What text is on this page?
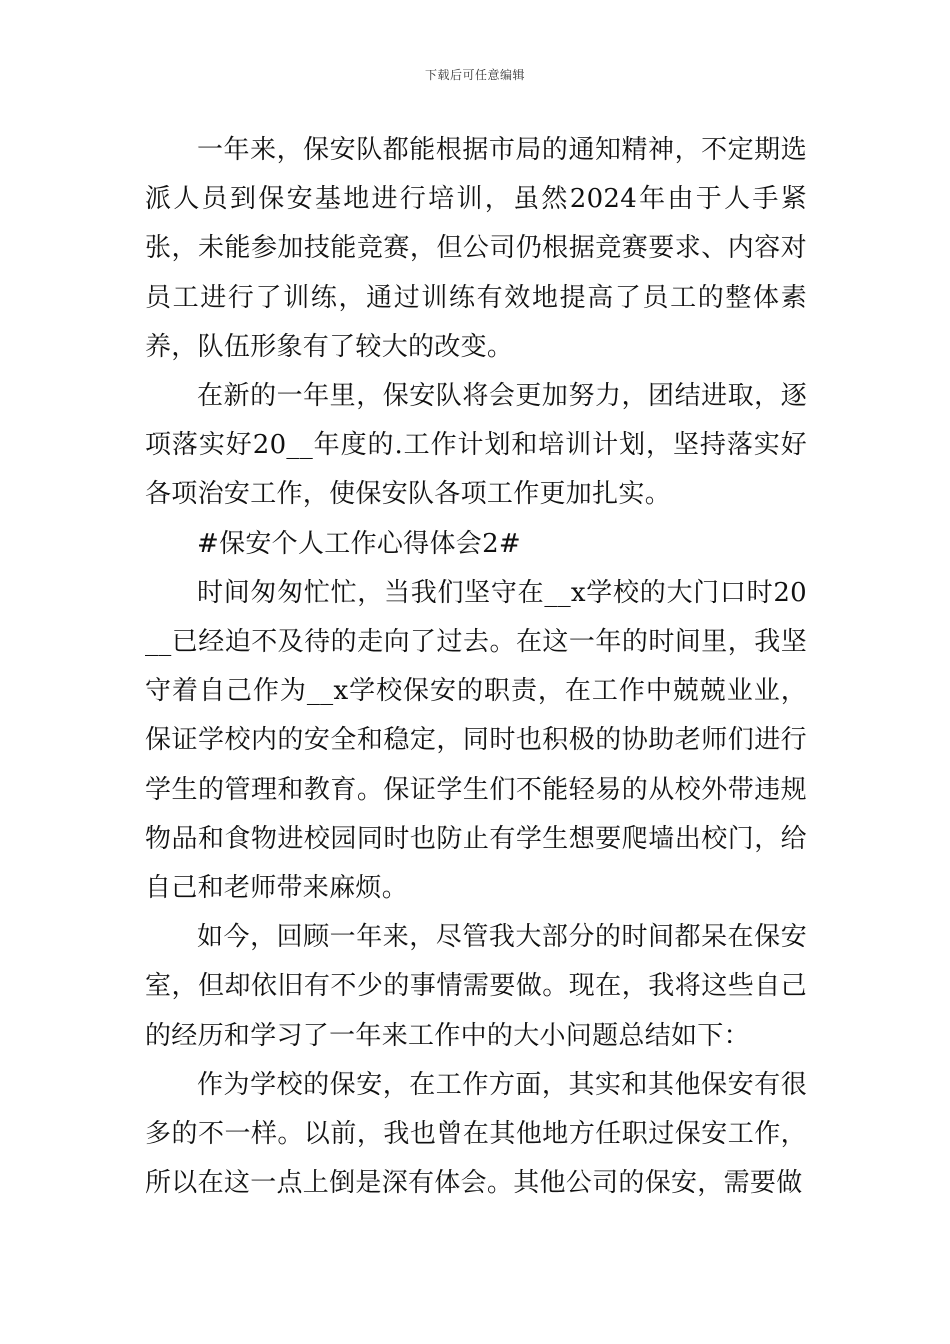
下载后可任意编辑

一年来，保安队都能根据市局的通知精神，不定期选派人员到保安基地进行培训，虽然2024年由于人手紧张，未能参加技能竞赛，但公司仍根据竞赛要求、内容对员工进行了训练，通过训练有效地提高了员工的整体素养，队伍形象有了较大的改变。

在新的一年里，保安队将会更加努力，团结进取，逐项落实好20__年度的.工作计划和培训计划，坚持落实好各项治安工作，使保安队各项工作更加扎实。

#保安个人工作心得体会2#

时间匆匆忙忙，当我们坚守在__x学校的大门口时20__已经迫不及待的走向了过去。在这一年的时间里，我坚守着自己作为__x学校保安的职责，在工作中兢兢业业，保证学校内的安全和稳定，同时也积极的协助老师们进行学生的管理和教育。保证学生们不能轻易的从校外带违规物品和食物进校园同时也防止有学生想要爬墙出校门，给自己和老师带来麻烦。

如今，回顾一年来，尽管我大部分的时间都呆在保安室，但却依旧有不少的事情需要做。现在，我将这些自己的经历和学习了一年来工作中的大小问题总结如下：

作为学校的保安，在工作方面，其实和其他保安有很多的不一样。以前，我也曾在其他地方任职过保安工作，所以在这一点上倒是深有体会。其他公司的保安，需要做
